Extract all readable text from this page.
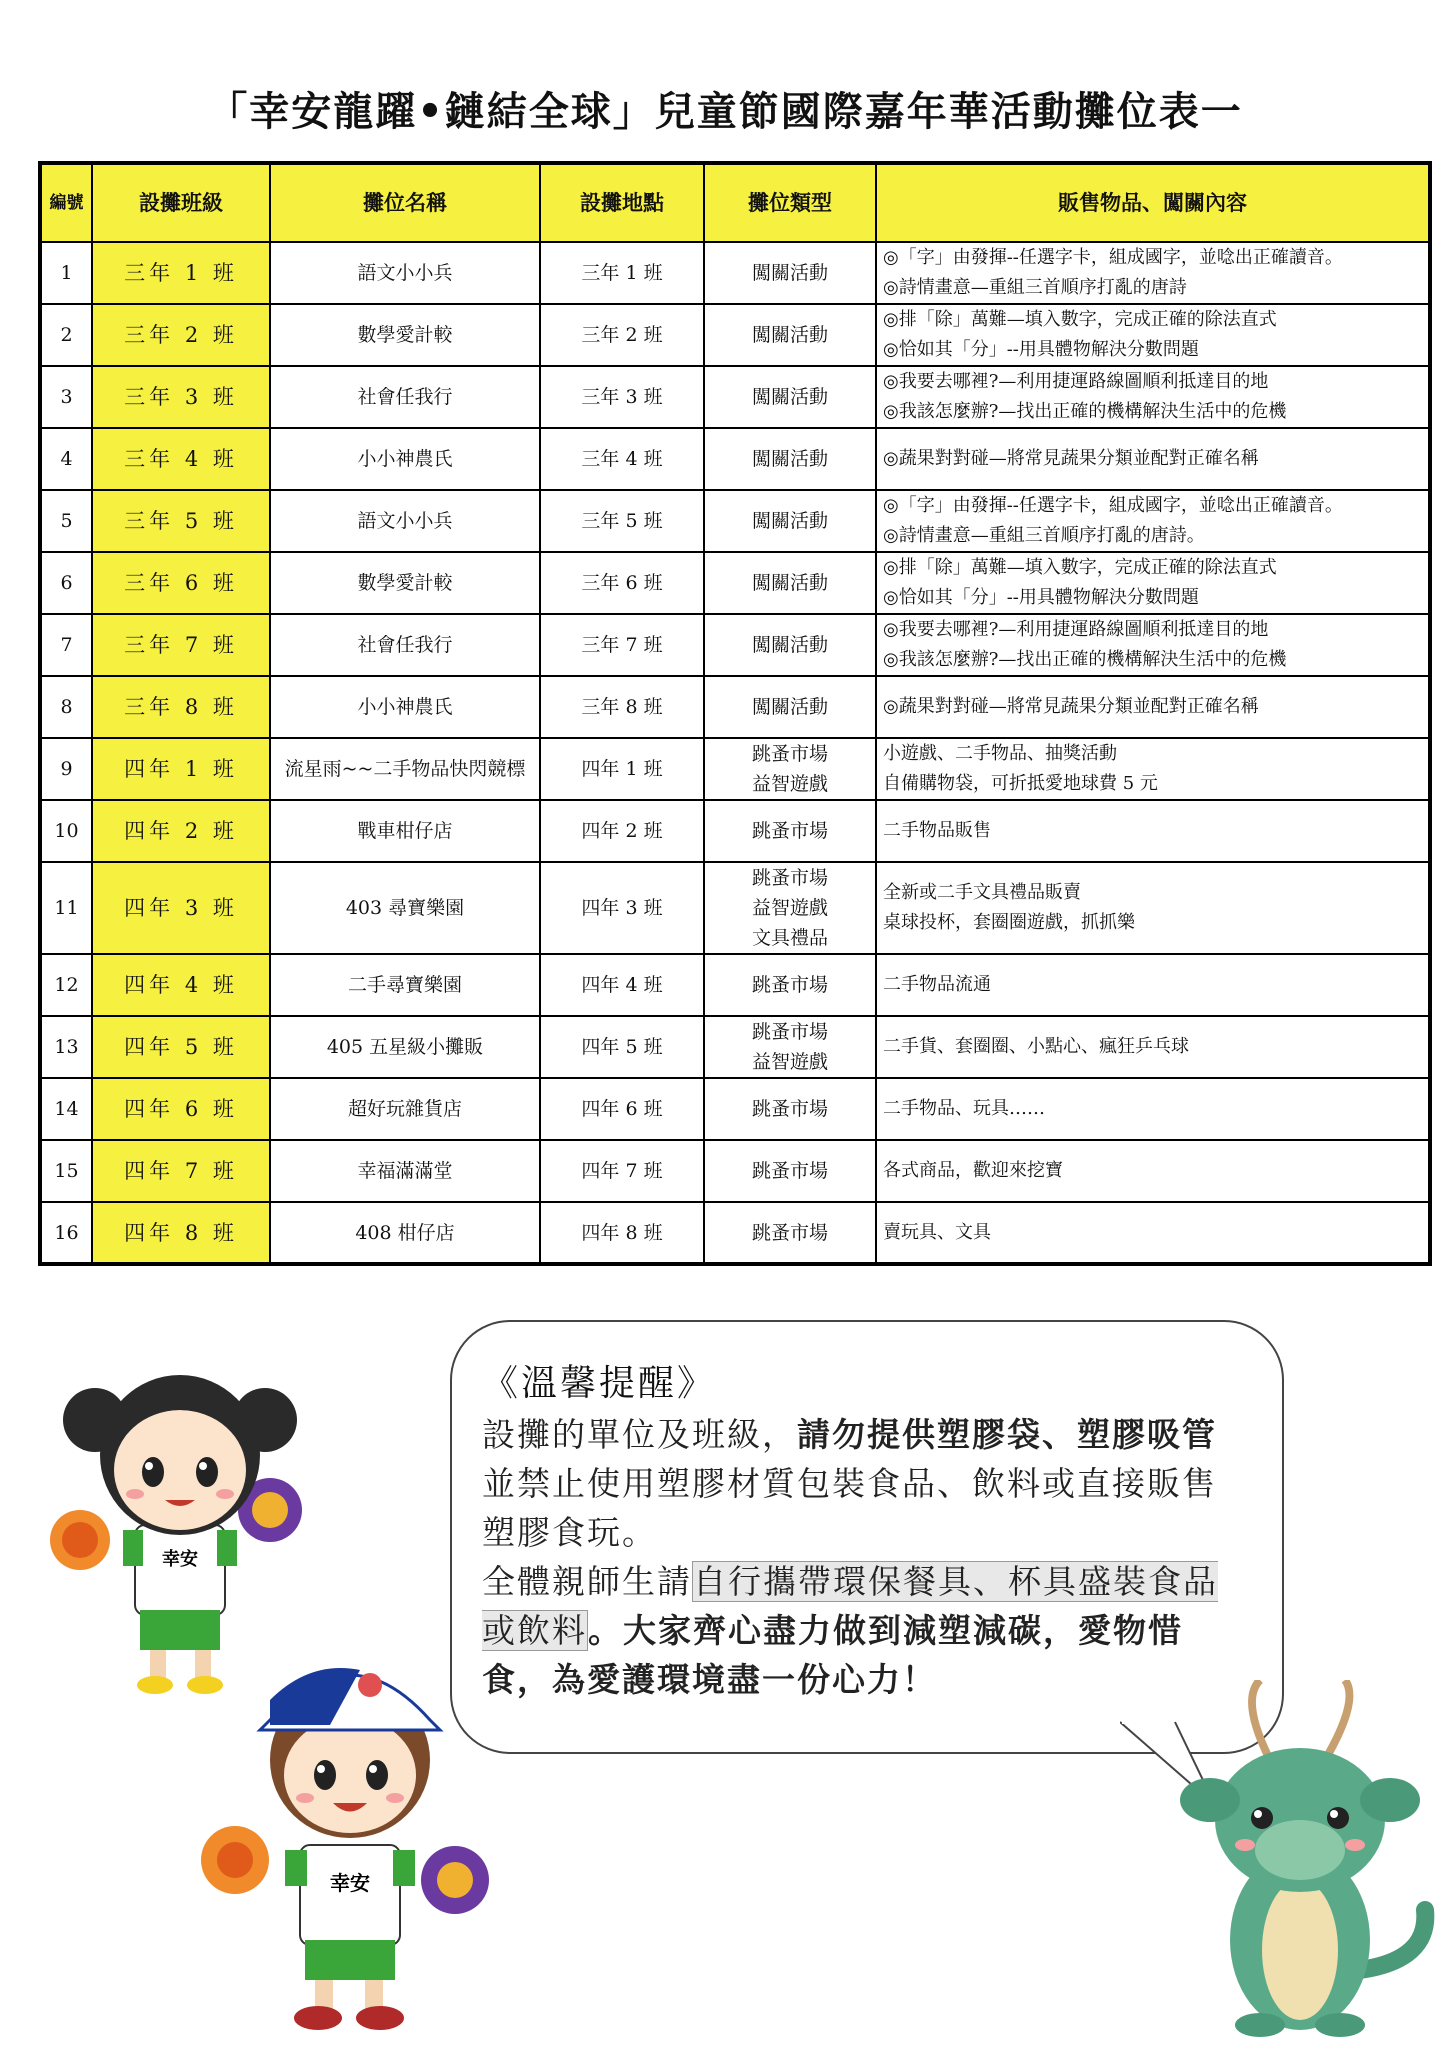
「幸安龍躍•鏈結全球」兒童節國際嘉年華活動攤位表一
編號	設攤班級	攤位名稱	設攤地點	攤位類型	販售物品、闖關內容
1	三年 1 班	語文小小兵	三年 1 班	闖關活動	◎「字」由發揮--任選字卡，組成國字，並唸出正確讀音。
◎詩情畫意—重組三首順序打亂的唐詩

2	三年 2 班	數學愛計較	三年 2 班	闖關活動	◎排「除」萬難—填入數字，完成正確的除法直式
◎恰如其「分」--用具體物解決分數問題

3	三年 3 班	社會任我行	三年 3 班	闖關活動	◎我要去哪裡?—利用捷運路線圖順利抵達目的地
◎我該怎麼辦?—找出正確的機構解決生活中的危機

4	三年 4 班	小小神農氏	三年 4 班	闖關活動	◎蔬果對對碰—將常見蔬果分類並配對正確名稱

5	三年 5 班	語文小小兵	三年 5 班	闖關活動	◎「字」由發揮--任選字卡，組成國字，並唸出正確讀音。
◎詩情畫意—重組三首順序打亂的唐詩。

6	三年 6 班	數學愛計較	三年 6 班	闖關活動	◎排「除」萬難—填入數字，完成正確的除法直式
◎恰如其「分」--用具體物解決分數問題

7	三年 7 班	社會任我行	三年 7 班	闖關活動	◎我要去哪裡?—利用捷運路線圖順利抵達目的地
◎我該怎麼辦?—找出正確的機構解決生活中的危機

8	三年 8 班	小小神農氏	三年 8 班	闖關活動	◎蔬果對對碰—將常見蔬果分類並配對正確名稱

9	四年 1 班	流星雨~~二手物品快閃競標	四年 1 班	跳蚤市場
益智遊戲	小遊戲、二手物品、抽獎活動
自備購物袋，可折抵愛地球費 5 元

10	四年 2 班	戰車柑仔店	四年 2 班	跳蚤市場	二手物品販售

11	四年 3 班	403 尋寶樂園	四年 3 班	跳蚤市場
益智遊戲
文具禮品	全新或二手文具禮品販賣
桌球投杯，套圈圈遊戲，抓抓樂

12	四年 4 班	二手尋寶樂園	四年 4 班	跳蚤市場	二手物品流通

13	四年 5 班	405 五星級小攤販	四年 5 班	跳蚤市場
益智遊戲	二手貨、套圈圈、小點心、瘋狂乒乓球

14	四年 6 班	超好玩雜貨店	四年 6 班	跳蚤市場	二手物品、玩具……

15	四年 7 班	幸福滿滿堂	四年 7 班	跳蚤市場	各式商品，歡迎來挖寶

16	四年 8 班	408 柑仔店	四年 8 班	跳蚤市場	賣玩具、文具
《溫馨提醒》
設攤的單位及班級，請勿提供塑膠袋、塑膠吸管並禁止使用塑膠材質包裝食品、飲料或直接販售塑膠食玩。
全體親師生請自行攜帶環保餐具、杯具盛裝食品或飲料。大家齊心盡力做到減塑減碳，愛物惜食，為愛護環境盡一份心力！
幸安
幸安
